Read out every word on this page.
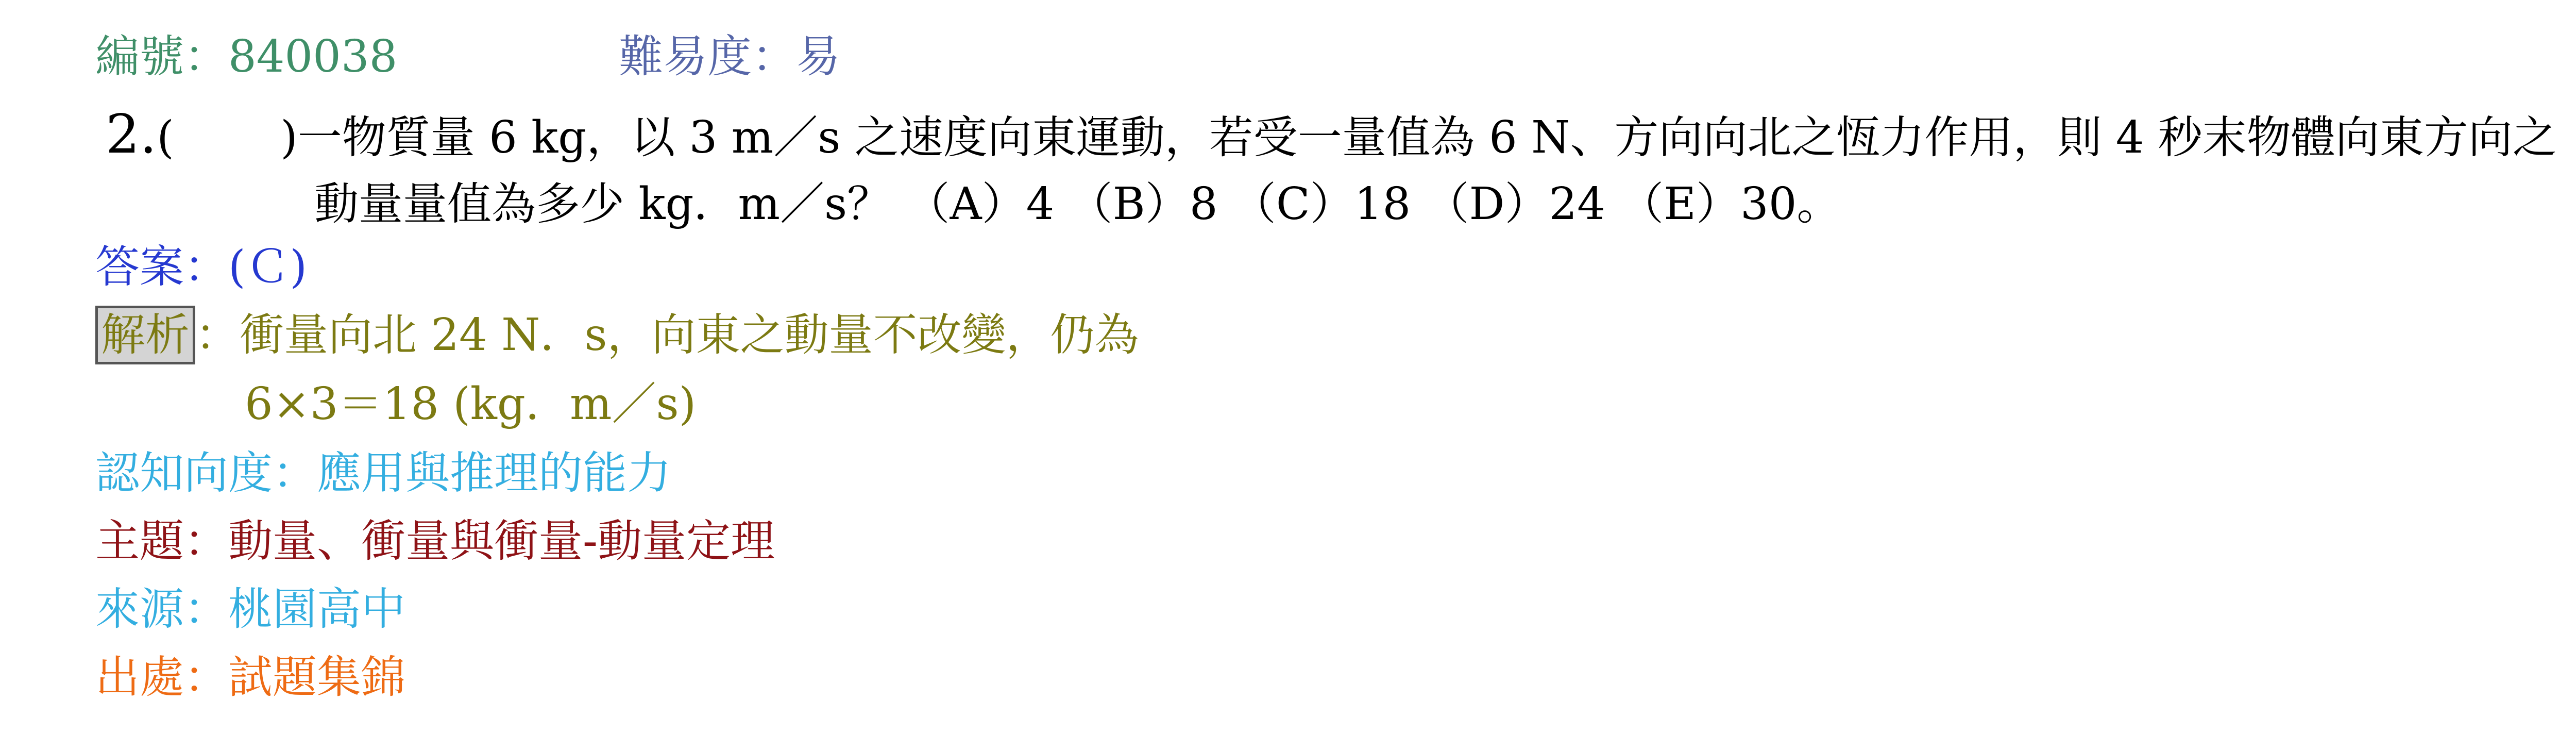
編號：840038	難易度：易
2.( )一物質量 6 kg，以 3 m／s 之速度向東運動，若受一量值為 6 N、方向向北之恆力作用，則 4 秒末物體向東方向之
動量量值為多少 kg．m／s？ （A）4 （B）8 （C）18 （D）24 （E）30。
答案：(Ｃ)
解析 ：衝量向北 24 N．s，向東之動量不改變，仍為
6×3＝18 (kg．m／s)
認知向度：應用與推理的能力
主題：動量、衝量與衝量-動量定理
來源：桃園高中
出處：試題集錦
